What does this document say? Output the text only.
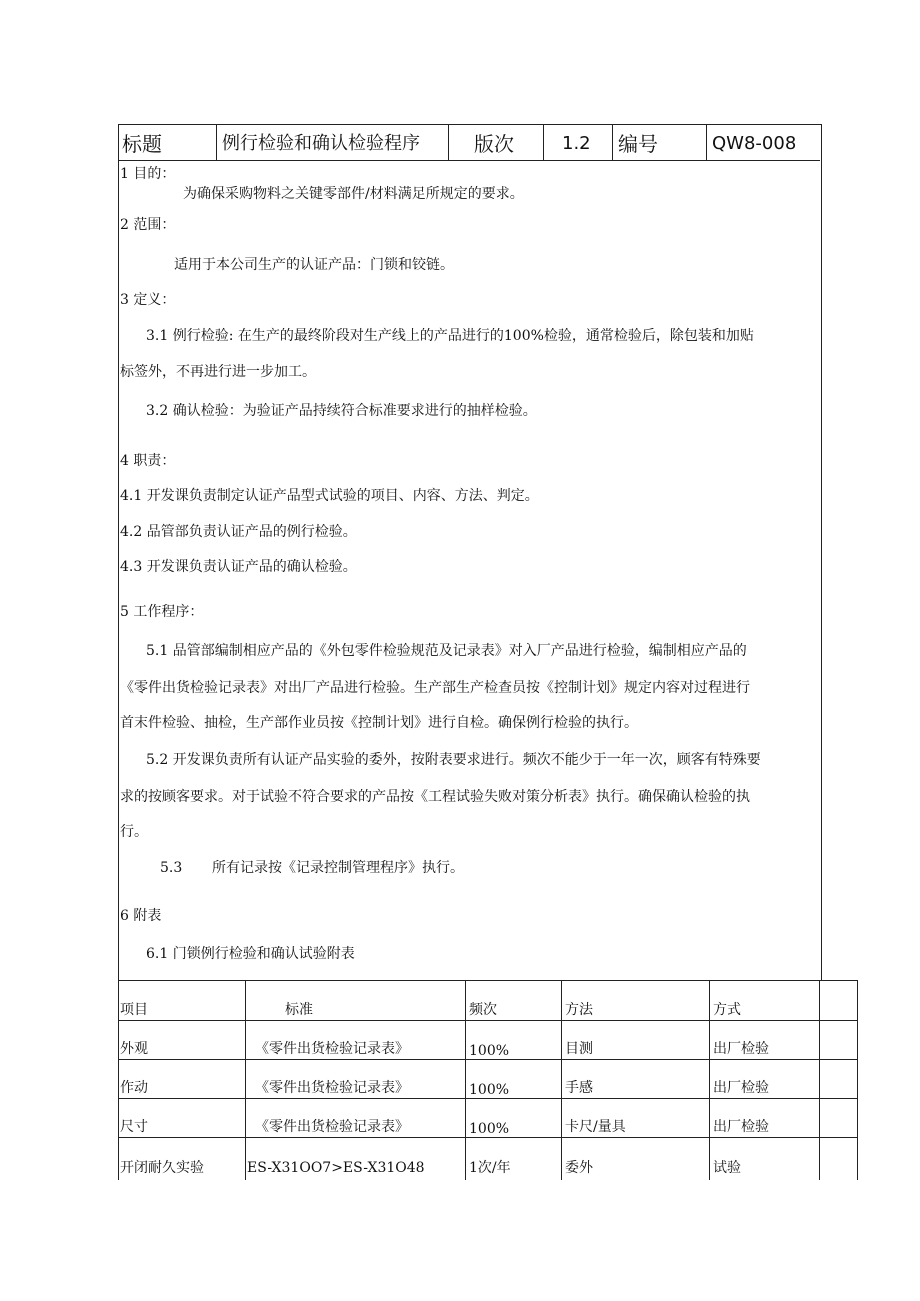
标题	例行检验和确认检验程序	版次	1.2 编号	QW8-008
1 目的：
为确保采购物料之关键零部件/材料满足所规定的要求。
2 范围：
适用于本公司生产的认证产品：门锁和铰链。
3 定义：
3.1 例行检验: 在生产的最终阶段对生产线上的产品进行的100%检验，通常检验后，除包装和加贴
标签外，不再进行进一步加工。
3.2 确认检验：为验证产品持续符合标准要求进行的抽样检验。
4 职责：
4.1 开发课负责制定认证产品型式试验的项目、内容、方法、判定。
4.2 品管部负责认证产品的例行检验。
4.3 开发课负责认证产品的确认检验。
5 工作程序：
5.1 品管部编制相应产品的《外包零件检验规范及记录表》对入厂产品进行检验，编制相应产品的
《零件出货检验记录表》对出厂产品进行检验。生产部生产检查员按《控制计划》规定内容对过程进行
首末件检验、抽检，生产部作业员按《控制计划》进行自检。确保例行检验的执行。
5.2 开发课负责所有认证产品实验的委外，按附表要求进行。频次不能少于一年一次，顾客有特殊要
求的按顾客要求。对于试验不符合要求的产品按《工程试验失败对策分析表》执行。确保确认检验的执
行。
5.3 所有记录按《记录控制管理程序》执行。
6 附表
6.1 门锁例行检验和确认试验附表
项目	标准	频次	方法	方式
外观	《零件出货检验记录表》	100%	目测	出厂检验
作动	《零件出货检验记录表》	100%	手感	出厂检验
尺寸	《零件出货检验记录表》	100%	卡尺/量具	出厂检验
开闭耐久实验	ES-X31OO7>ES-X31O48	1次/年	委外	试验
